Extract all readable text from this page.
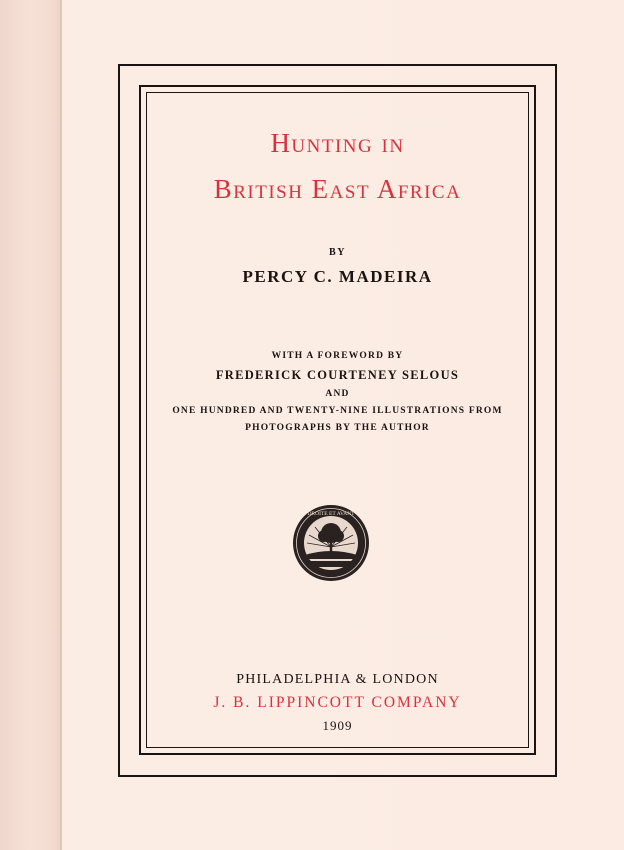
Hunting in

British East Africa

BY

PERCY C. MADEIRA

WITH A FOREWORD BY

FREDERICK COURTENEY SELOUS

AND

ONE HUNDRED AND TWENTY-NINE ILLUSTRATIONS FROM

PHOTOGRAPHS BY THE AUTHOR

DROITE ET AVANT

PHILADELPHIA & LONDON

J. B. LIPPINCOTT COMPANY

1909
